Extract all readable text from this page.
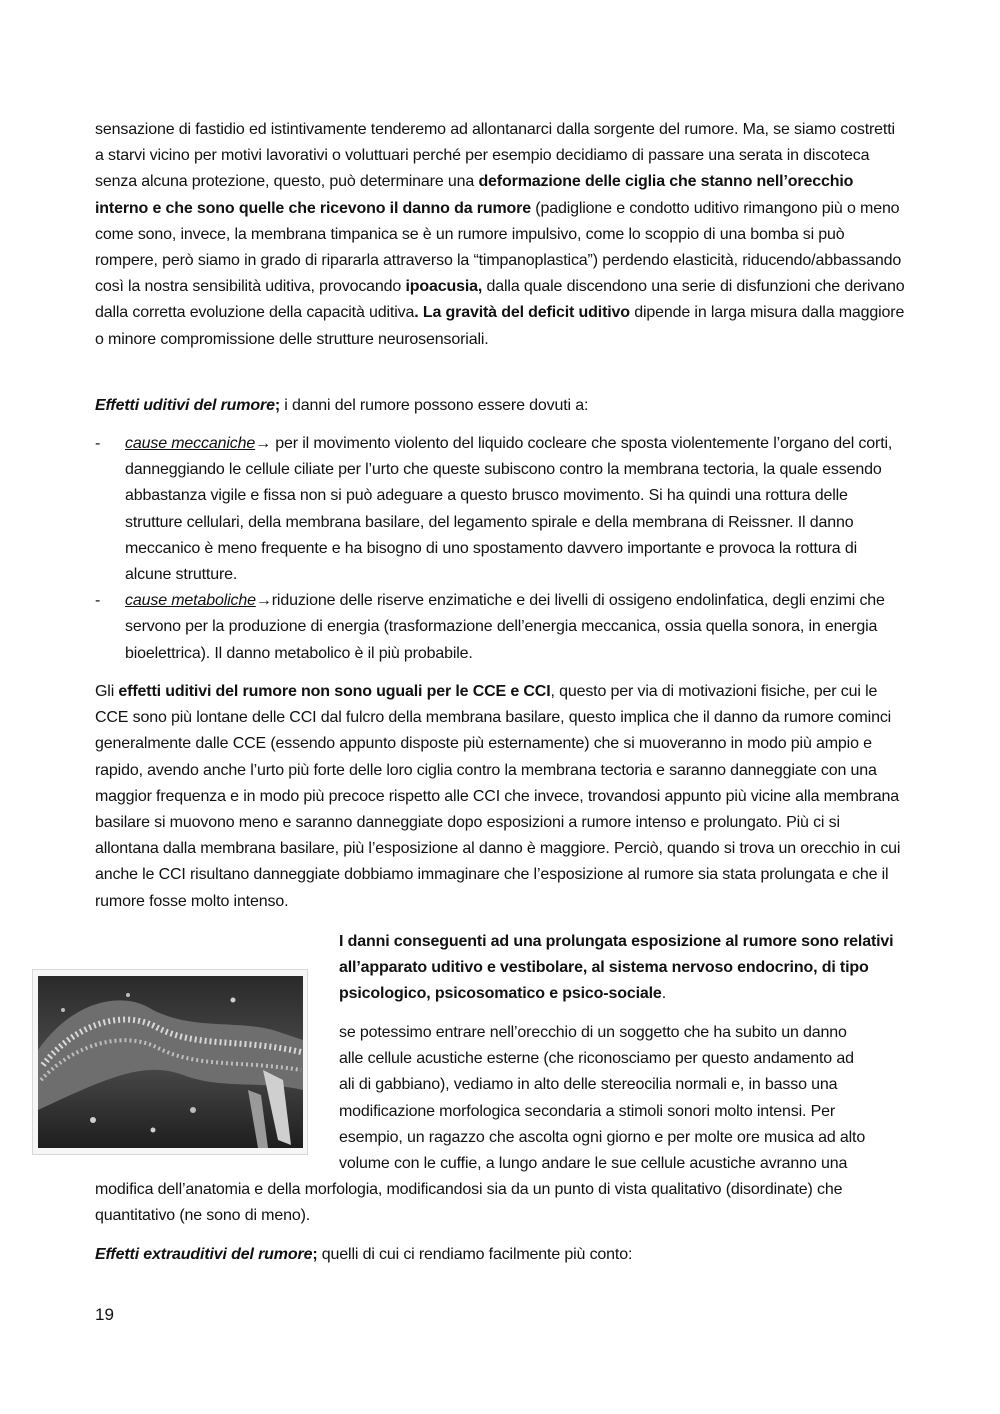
sensazione di fastidio ed istintivamente tenderemo ad allontanarci dalla sorgente del rumore. Ma, se siamo costretti a starvi vicino per motivi lavorativi o voluttuari perché per esempio decidiamo di passare una serata in discoteca senza alcuna protezione, questo, può determinare una deformazione delle ciglia che stanno nell’orecchio interno e che sono quelle che ricevono il danno da rumore (padiglione e condotto uditivo rimangono più o meno come sono, invece, la membrana timpanica se è un rumore impulsivo, come lo scoppio di una bomba si può rompere, però siamo in grado di ripararla attraverso la “timpanoplastica”) perdendo elasticità, riducendo/abbassando così la nostra sensibilità uditiva, provocando ipoacusia, dalla quale discendono una serie di disfunzioni che derivano dalla corretta evoluzione della capacità uditiva. La gravità del deficit uditivo dipende in larga misura dalla maggiore o minore compromissione delle strutture neurosensoriali.

Effetti uditivi del rumore; i danni del rumore possono essere dovuti a:

- cause meccaniche→ per il movimento violento del liquido cocleare che sposta violentemente l’organo del corti, danneggiando le cellule ciliate per l’urto che queste subiscono contro la membrana tectoria, la quale essendo abbastanza vigile e fissa non si può adeguare a questo brusco movimento. Si ha quindi una rottura delle strutture cellulari, della membrana basilare, del legamento spirale e della membrana di Reissner. Il danno meccanico è meno frequente e ha bisogno di uno spostamento davvero importante e provoca la rottura di alcune strutture.
- cause metaboliche→riduzione delle riserve enzimatiche e dei livelli di ossigeno endolinfatica, degli enzimi che servono per la produzione di energia (trasformazione dell’energia meccanica, ossia quella sonora, in energia bioelettrica). Il danno metabolico è il più probabile.

Gli effetti uditivi del rumore non sono uguali per le CCE e CCI, questo per via di motivazioni fisiche, per cui le CCE sono più lontane delle CCI dal fulcro della membrana basilare, questo implica che il danno da rumore cominci generalmente dalle CCE (essendo appunto disposte più esternamente) che si muoveranno in modo più ampio e rapido, avendo anche l’urto più forte delle loro ciglia contro la membrana tectoria e saranno danneggiate con una maggior frequenza e in modo più precoce rispetto alle CCI che invece, trovandosi appunto più vicine alla membrana basilare si muovono meno e saranno danneggiate dopo esposizioni a rumore intenso e prolungato. Più ci si allontana dalla membrana basilare, più l’esposizione al danno è maggiore. Perciò, quando si trova un orecchio in cui anche le CCI risultano danneggiate dobbiamo immaginare che l’esposizione al rumore sia stata prolungata e che il rumore fosse molto intenso.

I danni conseguenti ad una prolungata esposizione al rumore sono relativi all’apparato uditivo e vestibolare, al sistema nervoso endocrino, di tipo psicologico, psicosomatico e psico-sociale.

se potessimo entrare nell’orecchio di un soggetto che ha subito un danno
alle cellule acustiche esterne (che riconosciamo per questo andamento ad
ali di gabbiano), vediamo in alto delle stereocilia normali e, in basso una
modificazione morfologica secondaria a stimoli sonori molto intensi. Per
esempio, un ragazzo che ascolta ogni giorno e per molte ore musica ad alto
volume con le cuffie, a lungo andare le sue cellule acustiche avranno una

modifica dell’anatomia e della morfologia, modificandosi sia da un punto di vista qualitativo (disordinate) che quantitativo (ne sono di meno).

Effetti extrauditivi del rumore; quelli di cui ci rendiamo facilmente più conto:

19
